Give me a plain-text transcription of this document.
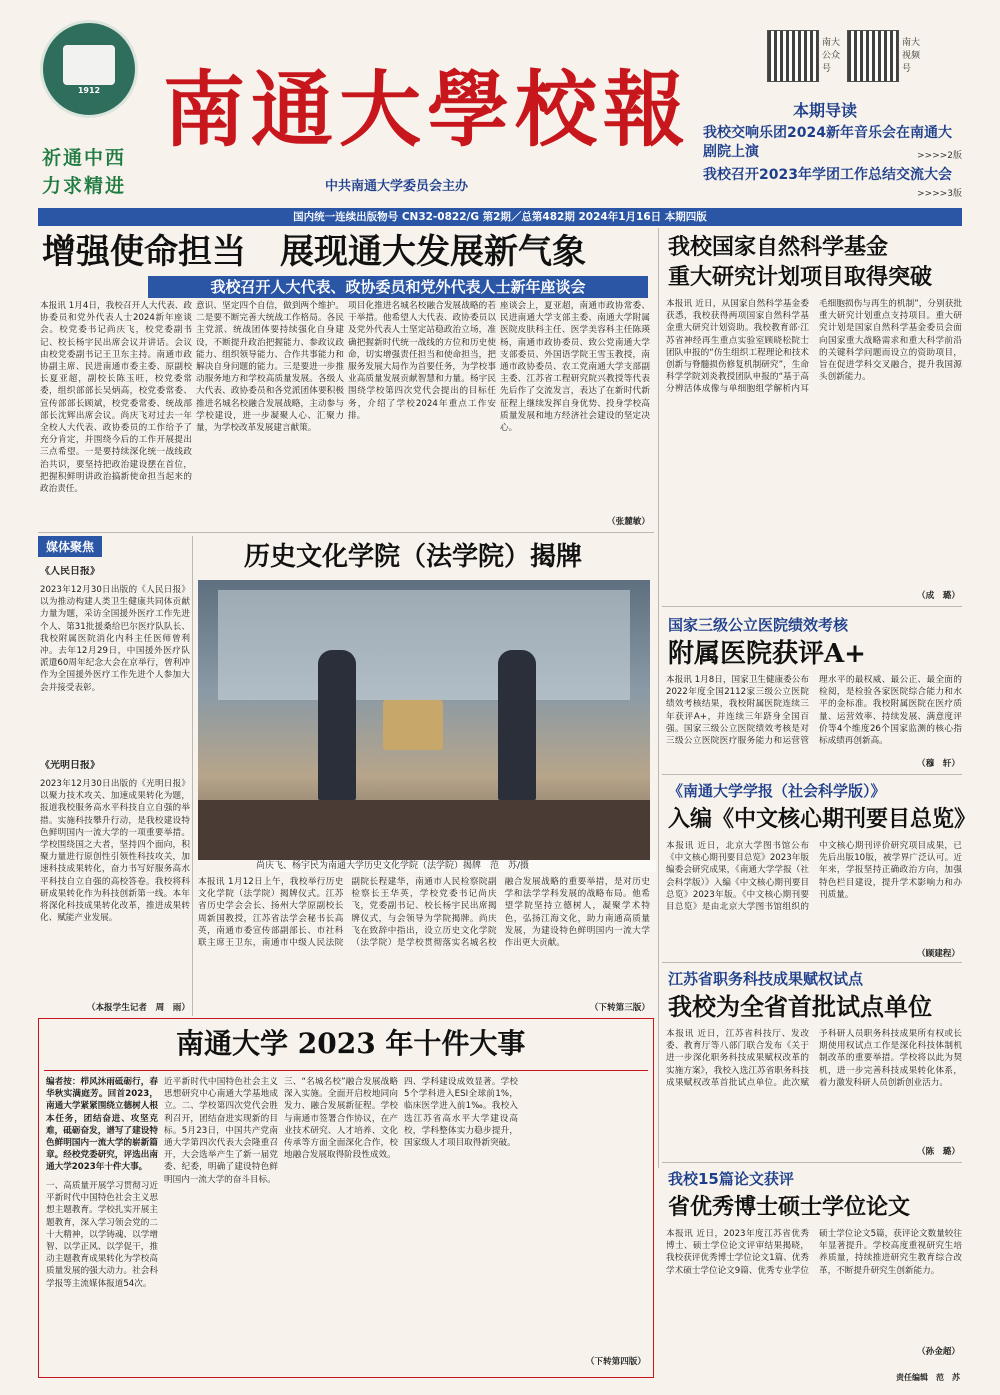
1912
祈通中西
力求精进
南通大學校報
中共南通大学委员会主办
南大公众号
南大视频号
本期导读
我校交响乐团2024新年音乐会在南通大剧院上演	>>>>2版
我校召开2023年学团工作总结交流大会
>>>>3版
国内统一连续出版物号 CN32-0822/G 第2期／总第482期 2024年1月16日 本期四版
增强使命担当　展现通大发展新气象
我校召开人大代表、政协委员和党外代表人士新年座谈会
本报讯 1月4日，我校召开人大代表、政协委员和党外代表人士2024新年座谈会。校党委书记尚庆飞，校党委副书记、校长杨宇民出席会议并讲话。会议由校党委副书记王卫东主持。南通市政协副主席、民进南通市委主委、原副校长夏亚超，副校长陈玉旺，校党委常委，组织部部长吴炳高，校党委常委、宣传部部长顾斌，校党委常委、统战部部长沈辉出席会议。尚庆飞对过去一年全校人大代表、政协委员的工作给予了充分肯定，并围绕今后的工作开展提出三点希望。一是要持续深化统一战线政治共识，要坚持把政治建设摆在首位，把握积鲜明讲政治搞新使命担当起来的政治责任。
意识、坚定四个自信，做到两个维护。二是要不断完善大统战工作格局。各民主党派、统战团体要持续强化自身建设，不断提升政治把握能力、参政议政能力、组织领导能力、合作共事能力和解决自身问题的能力。三是要进一步推动服务地方和学校高质量发展。各级人大代表、政协委员和各党派团体要积极推进名城名校融合发展战略，主动参与学校建设，进一步凝聚人心、汇聚力量，为学校改革发展建言献策。
项目化推进名城名校融合发展战略的若干举措。他希望人大代表、政协委员以及党外代表人士坚定站稳政治立场，准确把握新时代统一战线的方位和历史使命，切实增强责任担当和使命担当，把服务发展大局作为首要任务，为学校事业高质量发展贡献智慧和力量。杨宇民围绕学校第四次党代会提出的目标任务，介绍了学校2024年重点工作安排。
座谈会上，夏亚超，南通市政协常委、民进南通大学支部主委、南通大学附属医院皮肤科主任、医学美容科主任陈瑛杨，南通市政协委员、致公党南通大学支部委员、外国语学院王雪玉教授，南通市政协委员、农工党南通大学支部副主委、江苏省工程研究院兴教授等代表先后作了交流发言，表达了在新时代新征程上继续发挥自身优势、投身学校高质量发展和地方经济社会建设的坚定决心。
（张麓敏）
媒体聚焦
《人民日报》
2023年12月30日出版的《人民日报》以为推动构建人类卫生健康共同体贡献力量为题，采访全国援外医疗工作先进个人、第31批援桑给巴尔医疗队队长、我校附属医院消化内科主任医师曾利冲。去年12月29日，中国援外医疗队派遣60周年纪念大会在京举行，曾利冲作为全国援外医疗工作先进个人参加大会并接受表彰。
《光明日报》
2023年12月30日出版的《光明日报》以聚力技术攻关、加速成果转化为题，报道我校服务高水平科技自立自强的举措。实施科技攀升行动，是我校建设特色鲜明国内一流大学的一项重要举措。学校围绕国之大者，坚持四个面向，积聚力量进行原创性引领性科技攻关，加速科技成果转化，奋力书写好服务高水平科技自立自强的高校答卷。我校将科研成果转化作为科技创新第一线。本年将深化科技成果转化改革，推进成果转化、赋能产业发展。
（本报学生记者　周　雨）
历史文化学院（法学院）揭牌
尚庆飞、杨宇民为南通大学历史文化学院（法学院）揭牌　范　苏/摄
本报讯 1月12日上午，我校举行历史文化学院（法学院）揭牌仪式。江苏省历史学会会长、扬州大学原副校长周新国教授，江苏省法学会秘书长高英，南通市委宣传部副部长、市社科联主席王卫东，南通市中级人民法院副院长程建华，南通市人民检察院副检察长王华英，学校党委书记尚庆飞，党委副书记、校长杨宇民出席揭牌仪式，与会领导为学院揭牌。尚庆飞在致辞中指出，设立历史文化学院（法学院）是学校贯彻落实名城名校融合发展战略的重要举措，是对历史学和法学学科发展的战略布局。他希望学院坚持立德树人，凝聚学术特色，弘扬江海文化，助力南通高质量发展，为建设特色鲜明国内一流大学作出更大贡献。
（下转第三版）
我校国家自然科学基金
重大研究计划项目取得突破
本报讯 近日，从国家自然科学基金委获悉，我校获得两项国家自然科学基金重大研究计划资助。我校教育部·江苏省神经再生重点实验室顾晓松院士团队申报的“仿生组织工程理论和技术创新与脊髓损伤修复机制研究”，生命科学学院刘炎教授团队申报的“基于高分辨活体成像与单细胞组学解析内耳毛细胞损伤与再生的机制”，分别获批重大研究计划重点支持项目。重大研究计划是国家自然科学基金委员会面向国家重大战略需求和重大科学前沿的关键科学问题而设立的资助项目，旨在促进学科交叉融合，提升我国源头创新能力。
（成　璐）
国家三级公立医院绩效考核
附属医院获评A+
本报讯 1月8日，国家卫生健康委公布2022年度全国2112家三级公立医院绩效考核结果，我校附属医院连续三年获评A+，并连续三年跻身全国百强。国家三级公立医院绩效考核是对三级公立医院医疗服务能力和运营管理水平的最权威、最公正、最全面的检阅，是检验各家医院综合能力和水平的金标准。我校附属医院在医疗质量、运营效率、持续发展、满意度评价等4个维度26个国家监测的核心指标成绩再创新高。
（穆　轩）
《南通大学学报（社会科学版）》
入编《中文核心期刊要目总览》
本报讯 近日，北京大学图书馆公布《中文核心期刊要目总览》2023年版编委会研究成果，《南通大学学报（社会科学版）》入编《中文核心期刊要目总览》2023年版。《中文核心期刊要目总览》是由北京大学图书馆组织的中文核心期刊评价研究项目成果，已先后出版10版，被学界广泛认可。近年来，学报坚持正确政治方向，加强特色栏目建设，提升学术影响力和办刊质量。
（顾建程）
江苏省职务科技成果赋权试点
我校为全省首批试点单位
本报讯 近日，江苏省科技厅、发改委、教育厅等八部门联合发布《关于进一步深化职务科技成果赋权改革的实施方案》，我校入选江苏省职务科技成果赋权改革首批试点单位。此次赋予科研人员职务科技成果所有权或长期使用权试点工作是深化科技体制机制改革的重要举措。学校将以此为契机，进一步完善科技成果转化体系，着力激发科研人员创新创业活力。
（陈　璐）
我校15篇论文获评
省优秀博士硕士学位论文
本报讯 近日，2023年度江苏省优秀博士、硕士学位论文评审结果揭晓，我校获评优秀博士学位论文1篇、优秀学术硕士学位论文9篇、优秀专业学位硕士学位论文5篇，获评论文数量较往年显著提升。学校高度重视研究生培养质量，持续推进研究生教育综合改革，不断提升研究生创新能力。
（孙金超）
责任编辑　范　苏
南通大学 2023 年十件大事
编者按：栉风沐雨砥砺行，春华秋实满庭芳。回首2023，南通大学紧紧围绕立德树人根本任务，团结奋进、攻坚克难，砥砺奋发，谱写了建设特色鲜明国内一流大学的崭新篇章。经校党委研究，评选出南通大学2023年十件大事。
一、高质量开展学习贯彻习近平新时代中国特色社会主义思想主题教育。学校扎实开展主题教育，深入学习领会党的二十大精神，以学铸魂、以学增智、以学正风、以学促干，推动主题教育成果转化为学校高质量发展的强大动力。社会科学报等主流媒体报道54次。
近平新时代中国特色社会主义思想研究中心南通大学基地成立。二、学校第四次党代会胜利召开，团结奋进实现新的目标。5月23日，中国共产党南通大学第四次代表大会隆重召开，大会选举产生了新一届党委、纪委，明确了建设特色鲜明国内一流大学的奋斗目标。
三、“名城名校”融合发展战略深入实施。全面开启校地同向发力、融合发展新征程。学校与南通市签署合作协议，在产业技术研究、人才培养、文化传承等方面全面深化合作，校地融合发展取得阶段性成效。
四、学科建设成效显著。学校5个学科进入ESI全球前1%，临床医学进入前1‰。我校入选江苏省高水平大学建设高校，学科整体实力稳步提升，国家级人才项目取得新突破。
（下转第四版）
